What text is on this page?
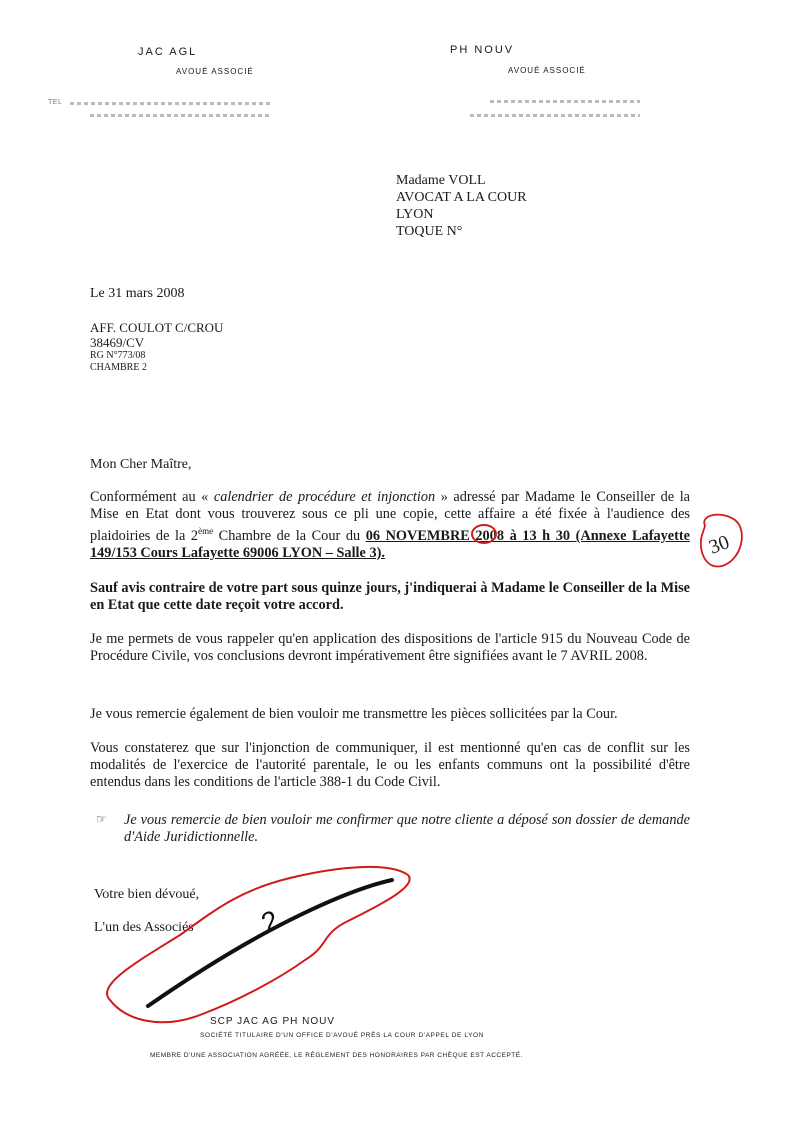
JAC AGL
AVOUÉ ASSOCIÉ
PH NOUV
AVOUÉ ASSOCIÉ
TEL
Madame VOLL
AVOCAT A LA COUR
LYON
TOQUE N°
Le 31 mars 2008
AFF. COULOT C/CROU
38469/CV
RG N°773/08
CHAMBRE 2
Mon Cher Maître,
Conformément au « calendrier de procédure et injonction » adressé par Madame le Conseiller de la Mise en Etat dont vous trouverez sous ce pli une copie, cette affaire a été fixée à l'audience des plaidoiries de la 2ème Chambre de la Cour du 06 NOVEMBRE 2008 à 13 h 30 (Annexe Lafayette 149/153 Cours Lafayette 69006 LYON – Salle 3).
Sauf avis contraire de votre part sous quinze jours, j'indiquerai à Madame le Conseiller de la Mise en Etat que cette date reçoit votre accord.
Je me permets de vous rappeler qu'en application des dispositions de l'article 915 du Nouveau Code de Procédure Civile, vos conclusions devront impérativement être signifiées avant le 7 AVRIL 2008.
Je vous remercie également de bien vouloir me transmettre les pièces sollicitées par la Cour.
Vous constaterez que sur l'injonction de communiquer, il est mentionné qu'en cas de conflit sur les modalités de l'exercice de l'autorité parentale, le ou les enfants communs ont la possibilité d'être entendus dans les conditions de l'article 388-1 du Code Civil.
☞ Je vous remercie de bien vouloir me confirmer que notre cliente a déposé son dossier de demande d'Aide Juridictionnelle.
Votre bien dévoué,
L'un des Associés
SCP JAC AG PH NOUV
SOCIÉTÉ TITULAIRE D'UN OFFICE D'AVOUÉ PRÈS LA COUR D'APPEL DE LYON
MEMBRE D'UNE ASSOCIATION AGRÉÉE, LE RÈGLEMENT DES HONORAIRES PAR CHÈQUE EST ACCEPTÉ.
30
2
